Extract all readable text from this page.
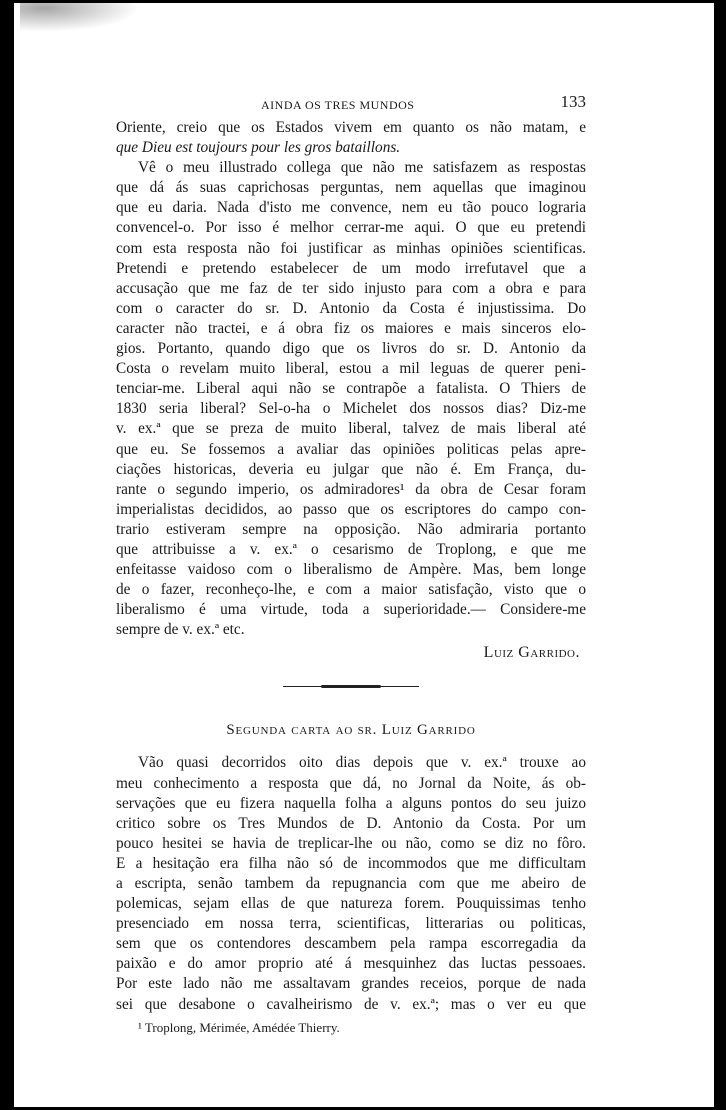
AINDA OS TRES MUNDOS	133
Oriente, creio que os Estados vivem em quanto os não matam, e
que Dieu est toujours pour les gros bataillons.
Vê o meu illustrado collega que não me satisfazem as respostas
que dá ás suas caprichosas perguntas, nem aquellas que imaginou
que eu daria. Nada d'isto me convence, nem eu tão pouco lograria
convencel-o. Por isso é melhor cerrar-me aqui. O que eu pretendi
com esta resposta não foi justificar as minhas opiniões scientificas.
Pretendi e pretendo estabelecer de um modo irrefutavel que a
accusação que me faz de ter sido injusto para com a obra e para
com o caracter do sr. D. Antonio da Costa é injustissima. Do
caracter não tractei, e á obra fiz os maiores e mais sinceros elo-
gios. Portanto, quando digo que os livros do sr. D. Antonio da
Costa o revelam muito liberal, estou a mil leguas de querer peni-
tenciar-me. Liberal aqui não se contrapõe a fatalista. O Thiers de
1830 seria liberal? Sel-o-ha o Michelet dos nossos dias? Diz-me
v. ex.ª que se preza de muito liberal, talvez de mais liberal até
que eu. Se fossemos a avaliar das opiniões politicas pelas apre-
ciações historicas, deveria eu julgar que não é. Em França, du-
rante o segundo imperio, os admiradores¹ da obra de Cesar foram
imperialistas decididos, ao passo que os escriptores do campo con-
trario estiveram sempre na opposição. Não admiraria portanto
que attribuisse a v. ex.ª o cesarismo de Troplong, e que me
enfeitasse vaidoso com o liberalismo de Ampère. Mas, bem longe
de o fazer, reconheço-lhe, e com a maior satisfação, visto que o
liberalismo é uma virtude, toda a superioridade.— Considere-me
sempre de v. ex.ª etc.
Luiz Garrido.
Segunda carta ao sr. Luiz Garrido
Vão quasi decorridos oito dias depois que v. ex.ª trouxe ao
meu conhecimento a resposta que dá, no Jornal da Noite, ás ob-
servações que eu fizera naquella folha a alguns pontos do seu juizo
critico sobre os Tres Mundos de D. Antonio da Costa. Por um
pouco hesitei se havia de treplicar-lhe ou não, como se diz no fôro.
E a hesitação era filha não só de incommodos que me difficultam
a escripta, senão tambem da repugnancia com que me abeiro de
polemicas, sejam ellas de que natureza forem. Pouquissimas tenho
presenciado em nossa terra, scientificas, litterarias ou politicas,
sem que os contendores descambem pela rampa escorregadia da
paixão e do amor proprio até á mesquinhez das luctas pessoaes.
Por este lado não me assaltavam grandes receios, porque de nada
sei que desabone o cavalheirismo de v. ex.ª; mas o ver eu que
¹ Troplong, Mérimée, Amédée Thierry.
